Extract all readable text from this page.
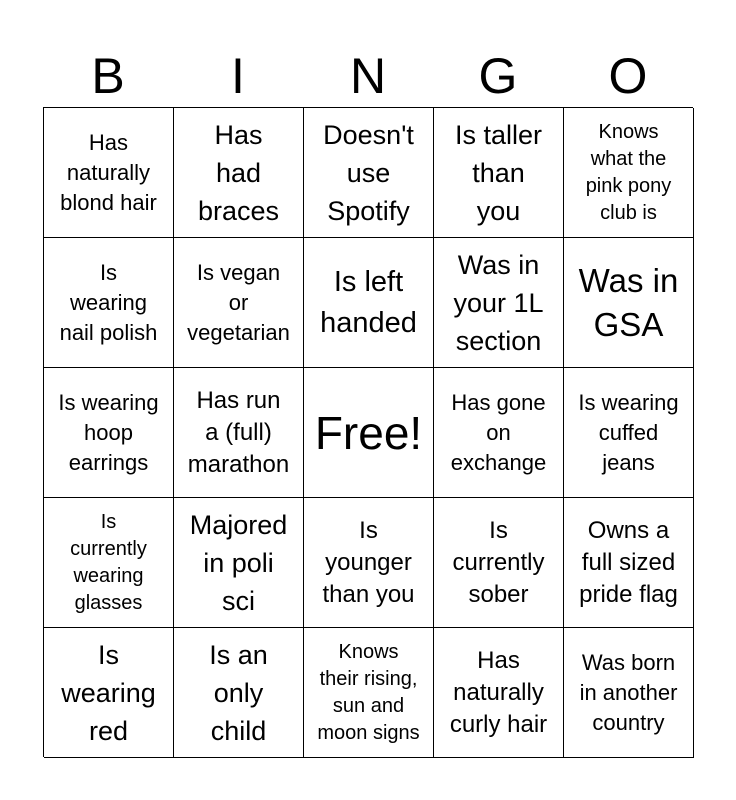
B	I	N	G	O
Has
naturally
blond hair
Has
had
braces
Doesn't
use
Spotify
Is taller
than
you
Knows
what the
pink pony
club is
Is
wearing
nail polish
Is vegan
or
vegetarian
Is left
handed
Was in
your 1L
section
Was in
GSA
Is wearing
hoop
earrings
Has run
a (full)
marathon
Free!
Has gone
on
exchange
Is wearing
cuffed
jeans
Is
currently
wearing
glasses
Majored
in poli
sci
Is
younger
than you
Is
currently
sober
Owns a
full sized
pride flag
Is
wearing
red
Is an
only
child
Knows
their rising,
sun and
moon signs
Has
naturally
curly hair
Was born
in another
country
